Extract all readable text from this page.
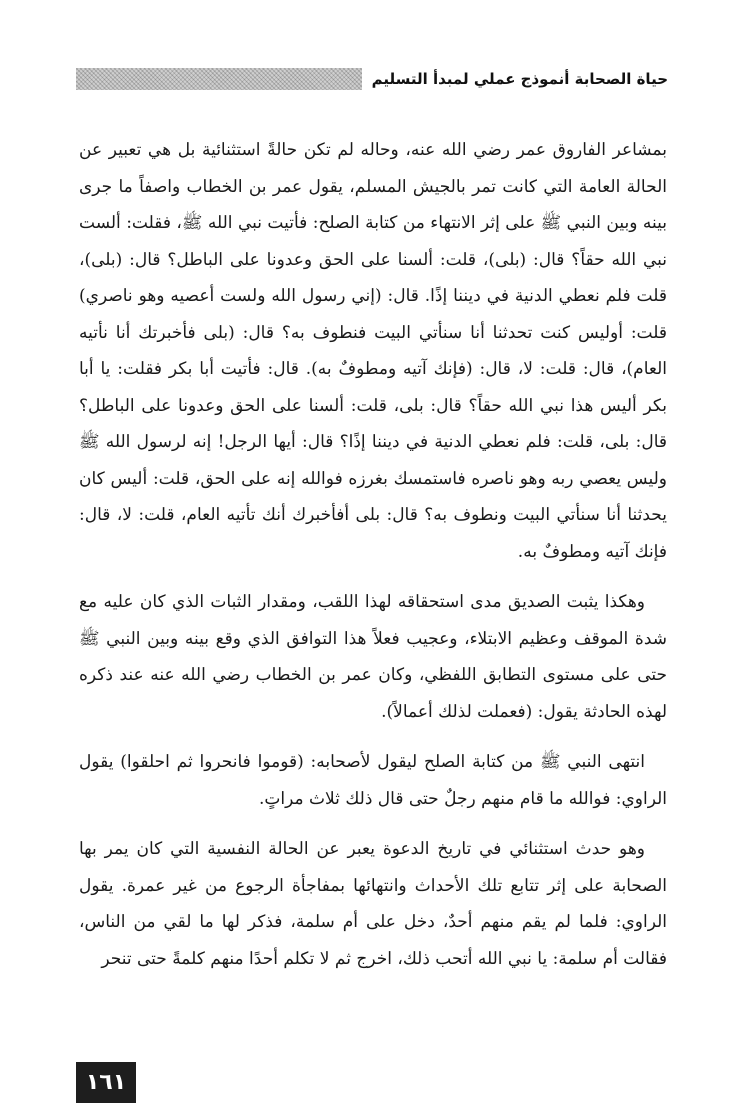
حياة الصحابة أنموذج عملي لمبدأ التسليم

بمشاعر الفاروق عمر رضي الله عنه، وحاله لم تكن حالةً استثنائية بل هي تعبير عن الحالة العامة التي كانت تمر بالجيش المسلم، يقول عمر بن الخطاب واصفاً ما جرى بينه وبين النبي ﷺ على إثر الانتهاء من كتابة الصلح: فأتيت نبي الله ﷺ، فقلت: ألست نبي الله حقاً؟ قال: (بلى)، قلت: ألسنا على الحق وعدونا على الباطل؟ قال: (بلى)، قلت فلم نعطي الدنية في ديننا إذًا. قال: (إني رسول الله ولست أعصيه وهو ناصري) قلت: أوليس كنت تحدثنا أنا سنأتي البيت فنطوف به؟ قال: (بلى فأخبرتك أنا نأتيه العام)، قال: قلت: لا، قال: (فإنك آتيه ومطوفٌ به). قال: فأتيت أبا بكر فقلت: يا أبا بكر أليس هذا نبي الله حقاً؟ قال: بلى، قلت: ألسنا على الحق وعدونا على الباطل؟ قال: بلى، قلت: فلم نعطي الدنية في ديننا إذًا؟ قال: أيها الرجل! إنه لرسول الله ﷺ وليس يعصي ربه وهو ناصره فاستمسك بغرزه فوالله إنه على الحق، قلت: أليس كان يحدثنا أنا سنأتي البيت ونطوف به؟ قال: بلى أفأخبرك أنك تأتيه العام، قلت: لا، قال: فإنك آتيه ومطوفٌ به.

وهكذا يثبت الصديق مدى استحقاقه لهذا اللقب، ومقدار الثبات الذي كان عليه مع شدة الموقف وعظيم الابتلاء، وعجيب فعلاً هذا التوافق الذي وقع بينه وبين النبي ﷺ حتى على مستوى التطابق اللفظي، وكان عمر بن الخطاب رضي الله عنه عند ذكره لهذه الحادثة يقول: (فعملت لذلك أعمالاً).

انتهى النبي ﷺ من كتابة الصلح ليقول لأصحابه: (قوموا فانحروا ثم احلقوا) يقول الراوي: فوالله ما قام منهم رجلٌ حتى قال ذلك ثلاث مراتٍ.

وهو حدث استثنائي في تاريخ الدعوة يعبر عن الحالة النفسية التي كان يمر بها الصحابة على إثر تتابع تلك الأحداث وانتهائها بمفاجأة الرجوع من غير عمرة. يقول الراوي: فلما لم يقم منهم أحدٌ، دخل على أم سلمة، فذكر لها ما لقي من الناس، فقالت أم سلمة: يا نبي الله أتحب ذلك، اخرج ثم لا تكلم أحدًا منهم كلمةً حتى تنحر

١٦١
